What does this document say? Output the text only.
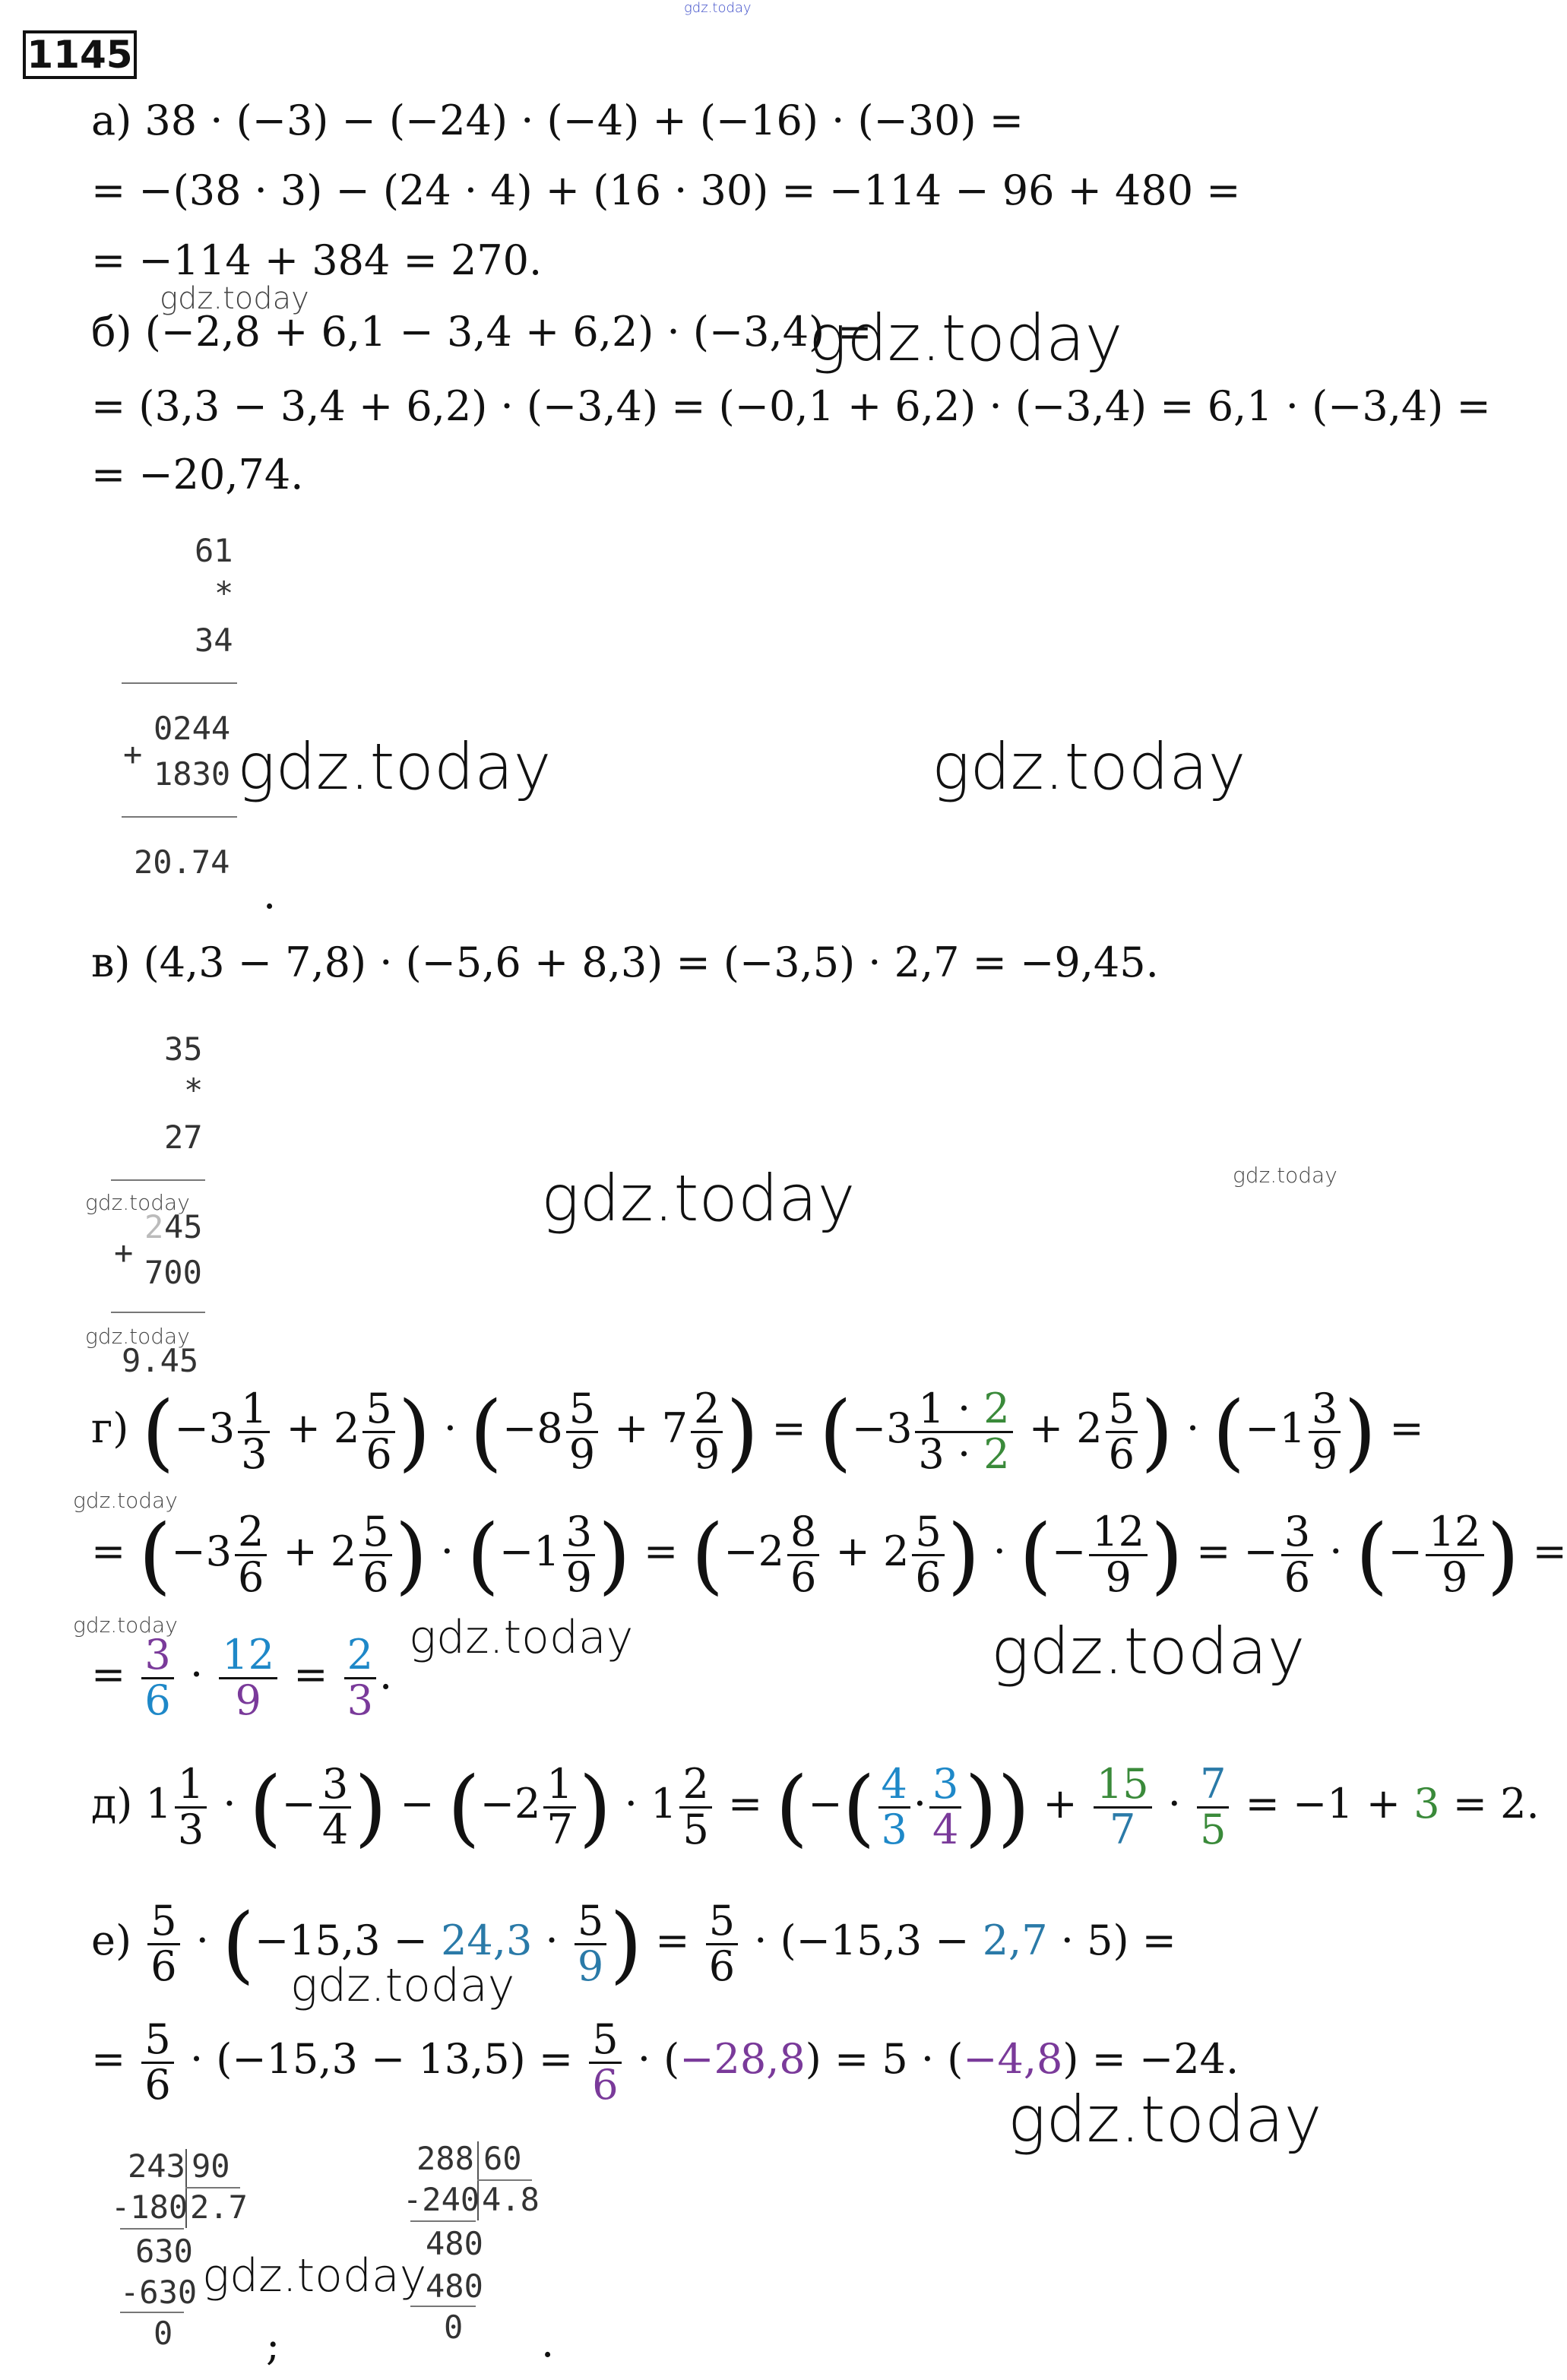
gdz.today
1145
а) 38 · (−3) − (−24) · (−4) + (−16) · (−30) =
= −(38 · 3) − (24 · 4) + (16 · 30) = −114 − 96 + 480 =
= −114 + 384 = 270.
б) (−2,8 + 6,1 − 3,4 + 6,2) · (−3,4) =
= (3,3 − 3,4 + 6,2) · (−3,4) = (−0,1 + 6,2) · (−3,4) = 6,1 · (−3,4) =
= −20,74.
61
*
34
0244
+
1830
20.74
.
в) (4,3 − 7,8) · (−5,6 + 8,3) = (−3,5) · 2,7 = −9,45.
35
*
27
2 45
+
700
9.45
г) ($-3 \frac{1}{3} + 2 \frac{5}{6}$ ) · ($-8 \frac{5}{9} + 7 \frac{2}{9}$ ) = ($-3 \frac{1 \cdot 2}{3 \cdot 2} + 2 \frac{5}{6}$ ) · ($-1 \frac{3}{9}$ ) =
= ($-3 \frac{2}{6} + 2 \frac{5}{6}$ ) · ($-1 \frac{3}{9}$ ) = ($-2 \frac{8}{6} + 2 \frac{5}{6}$ ) · (− $\frac{12}{9}$ ) = − $\frac{3}{6}$ · (− $\frac{12}{9}$ ) =
= $\frac{3}{6} \cdot \frac{12}{9} = \frac{2}{3}$ .
д) $1 \frac{1}{3}$ · (− $\frac{3}{4}$ ) − ($-2 \frac{1}{7}$ ) · $1 \frac{2}{5}$ = (−( $\frac{4}{3} \cdot \frac{3}{4}$ )) + $\frac{15}{7} \cdot \frac{7}{5} = -1 + 3 = 2$.
$е) \frac{5}{6} \cdot (-15,3 - 24,3 \cdot \frac{5}{9}$ ) = $\frac{5}{6} \cdot (-15,3 - 2,7 \cdot 5)$ =
= $\frac{5}{6} \cdot (-15,3 - 13,5) = \frac{5}{6} \cdot (-28,8) = 5 \cdot (-4,8) = -24$.
243 90
-180 2.7
630
-630
0 ;
288 60
-240 4.8
480
480
0 .
gdz.today
gdz.today
gdz.today	gdz.today
gdz.today	gdz.today
gdz.today
gdz.today
gdz.today
gdz.today	gdz.today	gdz.today
gdz.today
gdz.today
gdz.today
